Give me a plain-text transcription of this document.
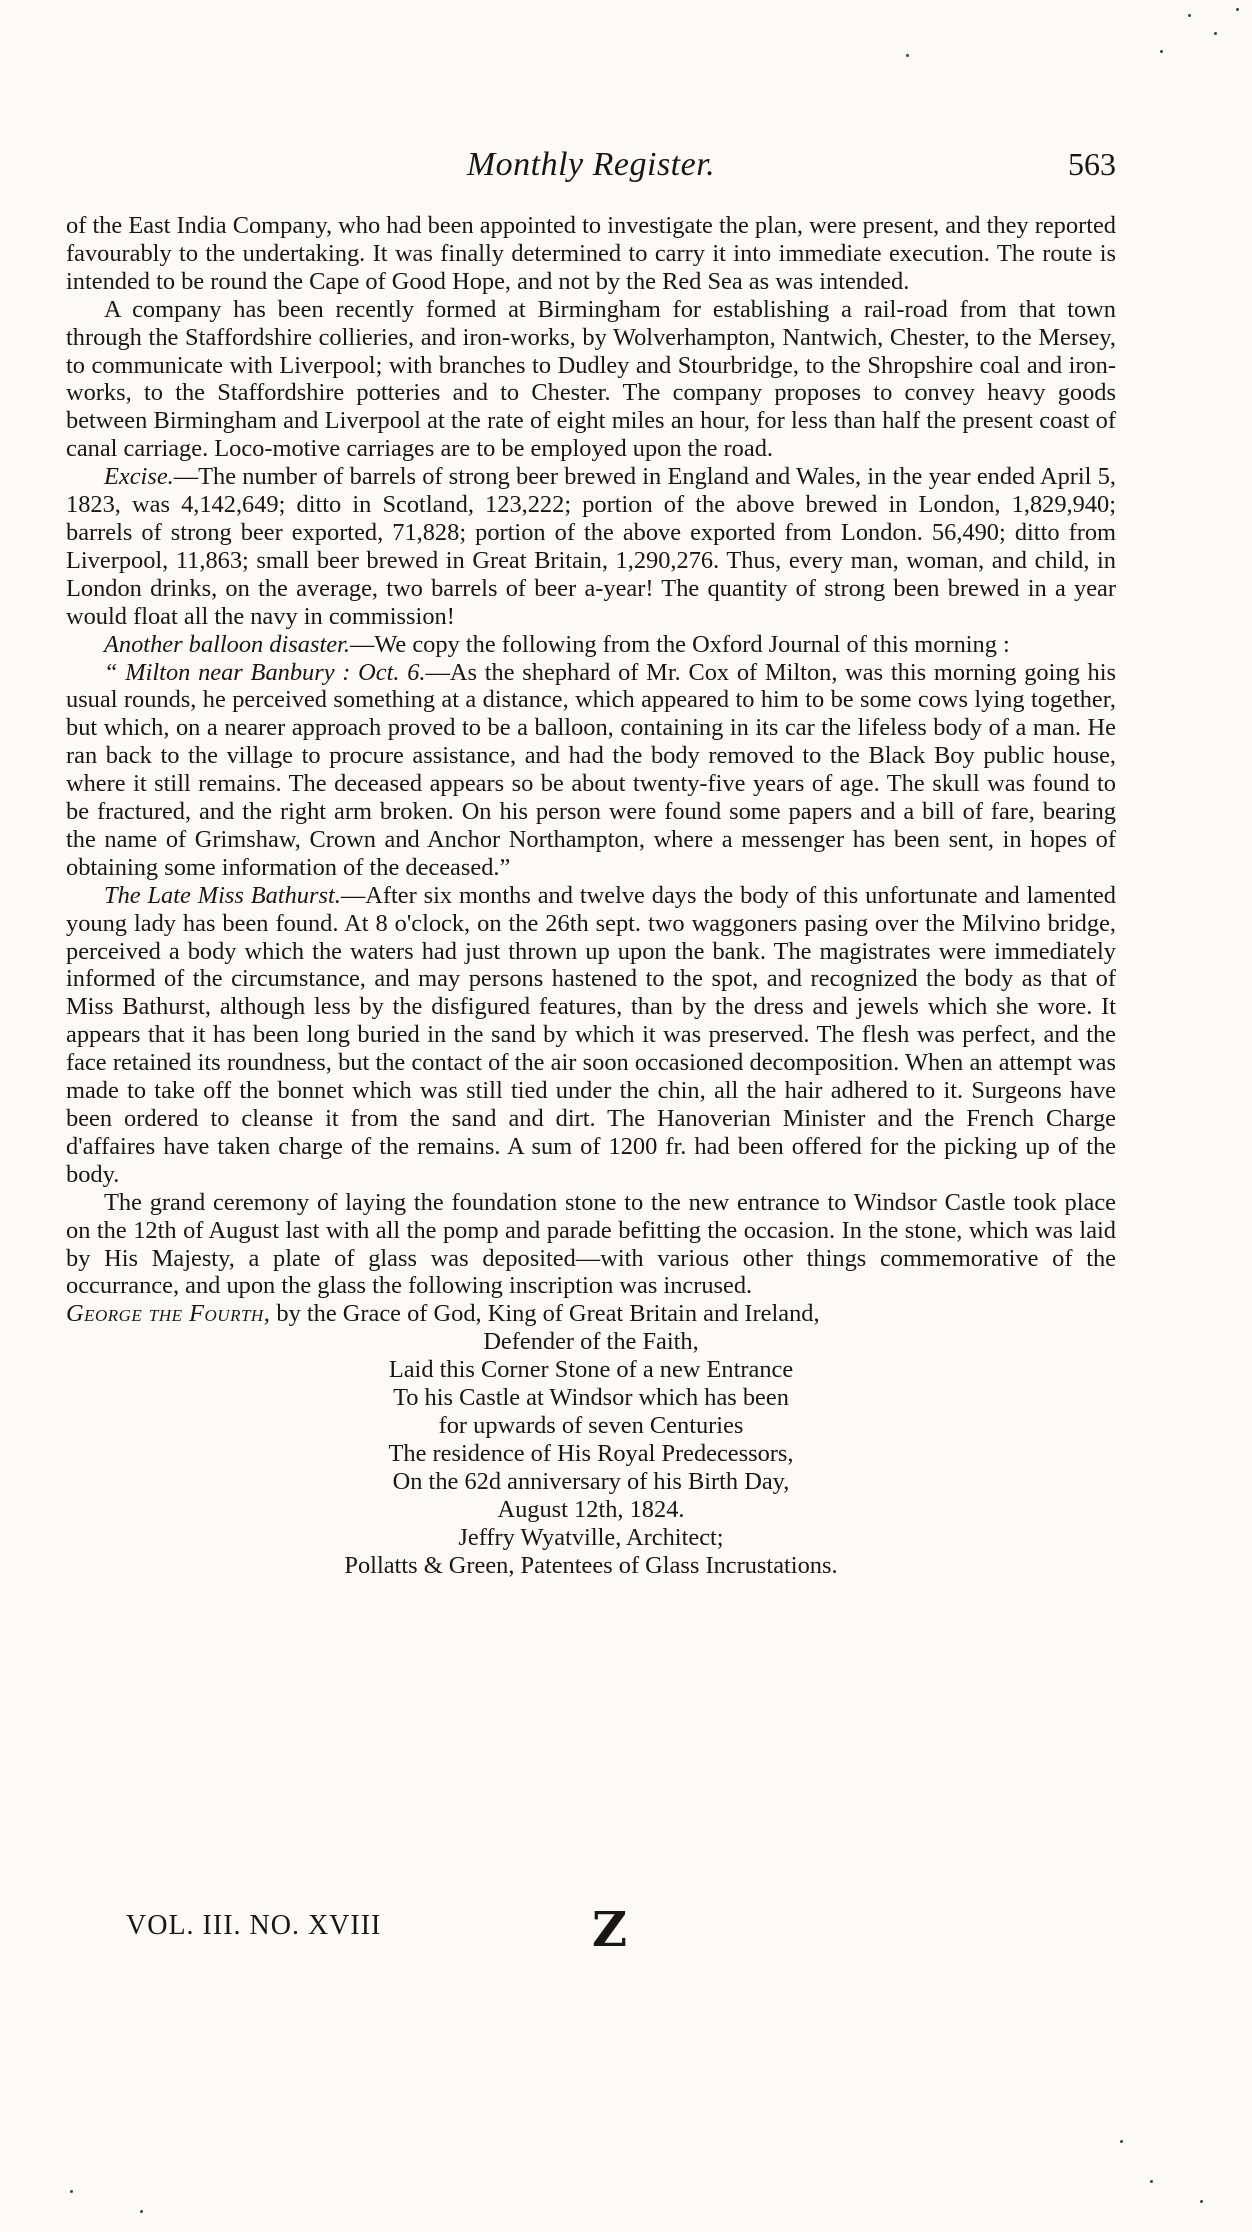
Monthly Register.	563

of the East India Company, who had been appointed to investigate the plan, were present, and they reported favourably to the undertaking. It was finally determined to carry it into immediate execution. The route is intended to be round the Cape of Good Hope, and not by the Red Sea as was intended.

A company has been recently formed at Birmingham for establishing a rail-road from that town through the Staffordshire collieries, and iron-works, by Wolverhampton, Nantwich, Chester, to the Mersey, to communicate with Liverpool; with branches to Dudley and Stourbridge, to the Shropshire coal and iron-works, to the Staffordshire potteries and to Chester. The company proposes to convey heavy goods between Birmingham and Liverpool at the rate of eight miles an hour, for less than half the present coast of canal carriage. Loco-motive carriages are to be employed upon the road.

Excise.—The number of barrels of strong beer brewed in England and Wales, in the year ended April 5, 1823, was 4,142,649; ditto in Scotland, 123,222; portion of the above brewed in London, 1,829,940; barrels of strong beer exported, 71,828; portion of the above exported from London. 56,490; ditto from Liverpool, 11,863; small beer brewed in Great Britain, 1,290,276. Thus, every man, woman, and child, in London drinks, on the average, two barrels of beer a-year! The quantity of strong been brewed in a year would float all the navy in commission!

Another balloon disaster.—We copy the following from the Oxford Journal of this morning :

“ Milton near Banbury : Oct. 6.—As the shephard of Mr. Cox of Milton, was this morning going his usual rounds, he perceived something at a distance, which appeared to him to be some cows lying together, but which, on a nearer approach proved to be a balloon, containing in its car the lifeless body of a man. He ran back to the village to procure assistance, and had the body removed to the Black Boy public house, where it still remains. The deceased appears so be about twenty-five years of age. The skull was found to be fractured, and the right arm broken. On his person were found some papers and a bill of fare, bearing the name of Grimshaw, Crown and Anchor Northampton, where a messenger has been sent, in hopes of obtaining some information of the deceased.”

The Late Miss Bathurst.—After six months and twelve days the body of this unfortunate and lamented young lady has been found. At 8 o'clock, on the 26th sept. two waggoners pasing over the Milvino bridge, perceived a body which the waters had just thrown up upon the bank. The magistrates were immediately informed of the circumstance, and may persons hastened to the spot, and recognized the body as that of Miss Bathurst, although less by the disfigured features, than by the dress and jewels which she wore. It appears that it has been long buried in the sand by which it was preserved. The flesh was perfect, and the face retained its roundness, but the contact of the air soon occasioned decomposition. When an attempt was made to take off the bonnet which was still tied under the chin, all the hair adhered to it. Surgeons have been ordered to cleanse it from the sand and dirt. The Hanoverian Minister and the French Charge d'affaires have taken charge of the remains. A sum of 1200 fr. had been offered for the picking up of the body.

The grand ceremony of laying the foundation stone to the new entrance to Windsor Castle took place on the 12th of August last with all the pomp and parade befitting the occasion. In the stone, which was laid by His Majesty, a plate of glass was deposited—with various other things commemorative of the occurrance, and upon the glass the following inscription was incrused.

George the Fourth, by the Grace of God, King of Great Britain and Ireland,
Defender of the Faith,
Laid this Corner Stone of a new Entrance
To his Castle at Windsor which has been
for upwards of seven Centuries
The residence of His Royal Predecessors,
On the 62d anniversary of his Birth Day,
August 12th, 1824.
Jeffry Wyatville, Architect;
Pollatts & Green, Patentees of Glass Incrustations.
VOL. III. NO. XVIII	Z
